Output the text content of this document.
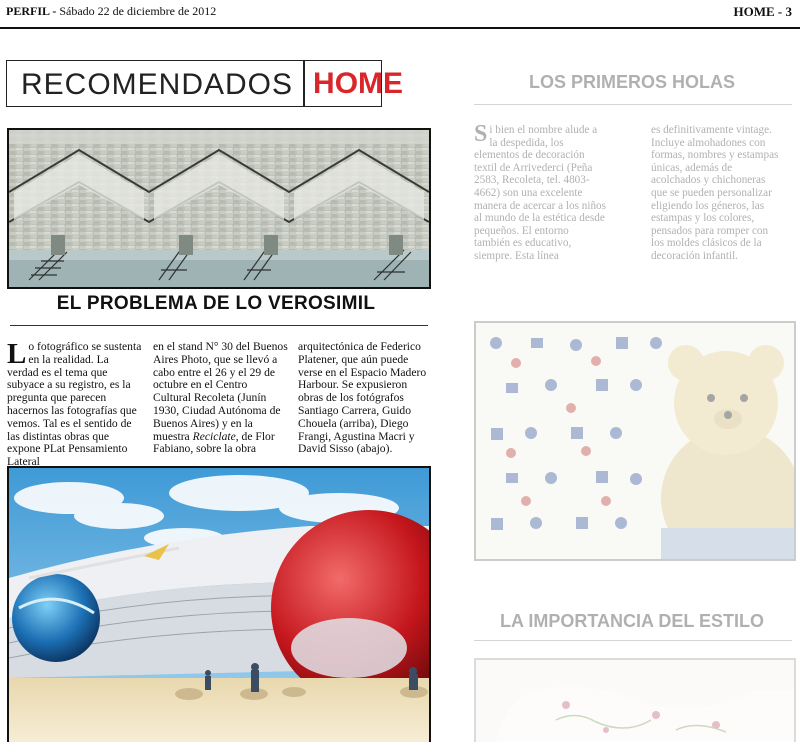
PERFIL - Sábado 22 de diciembre de 2012	HOME - 3
RECOMENDADOS HOME
EL PROBLEMA DE LO VEROSIMIL
Lo fotográfico se sustenta en la realidad. La verdad es el tema que subyace a su registro, es la pregunta que parecen hacernos las fotografías que vemos. Tal es el sentido de las distintas obras que expone PLat Pensamiento Lateral
en el stand N° 30 del Buenos Aires Photo, que se llevó a cabo entre el 26 y el 29 de octubre en el Centro Cultural Recoleta (Junín 1930, Ciudad Autónoma de Buenos Aires) y en la muestra Reciclate, de Flor Fabiano, sobre la obra
arquitectónica de Federico Platener, que aún puede verse en el Espacio Madero Harbour. Se expusieron obras de los fotógrafos Santiago Carrera, Guido Chouela (arriba), Diego Frangi, Agustina Macri y David Sisso (abajo).
LOS PRIMEROS HOLAS
Si bien el nombre alude a la despedida, los elementos de decoración textil de Arrivederci (Peña 2583, Recoleta, tel. 4803-4662) son una excelente manera de acercar a los niños al mundo de la estética desde pequeños. El entorno también es educativo, siempre. Esta línea
es definitivamente vintage. Incluye almohadones con formas, nombres y estampas únicas, además de acolchados y chichoneras que se pueden personalizar eligiendo los géneros, las estampas y los colores, pensados para romper con los moldes clásicos de la decoración infantil.
LA IMPORTANCIA DEL ESTILO
